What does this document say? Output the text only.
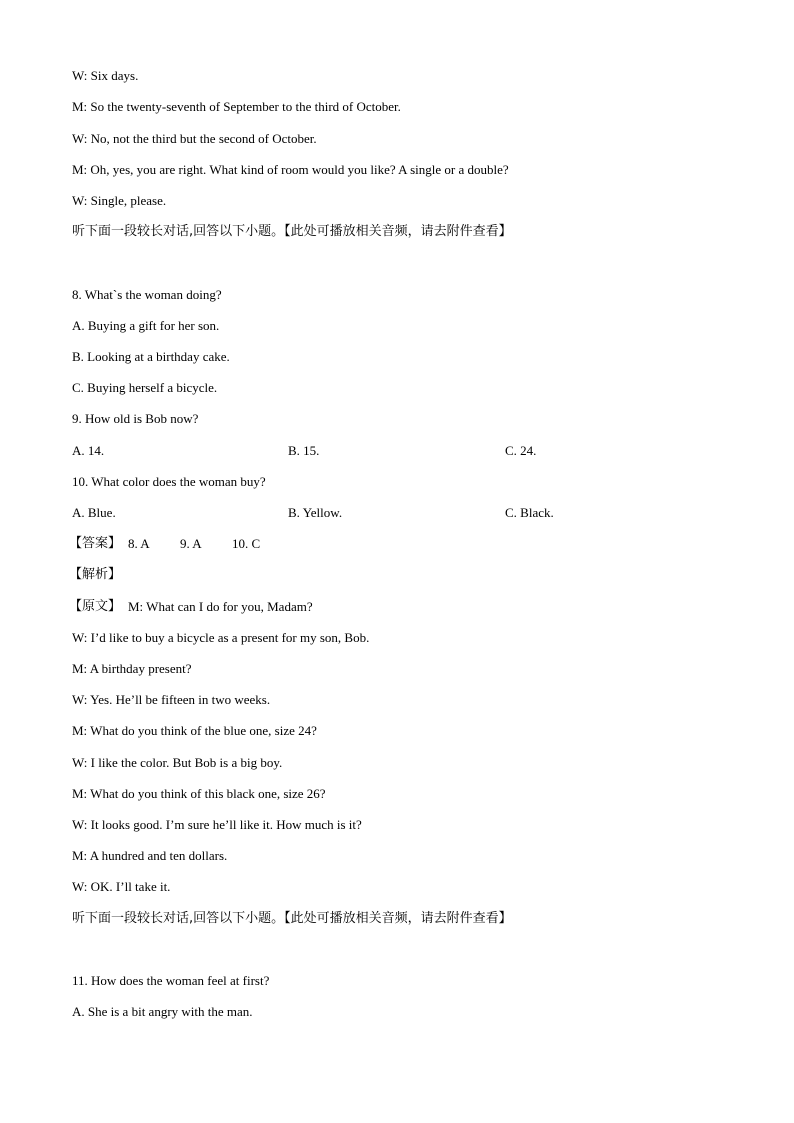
W: Six days.
M: So the twenty-seventh of September to the third of October.
W: No, not the third but the second of October.
M: Oh, yes, you are right. What kind of room would you like? A single or a double?
W: Single, please.
听下面一段较长对话,回答以下小题。【此处可播放相关音频，请去附件查看】
8. What`s the woman doing?
A. Buying a gift for her son.
B. Looking at a birthday cake.
C. Buying herself a bicycle.
9. How old is Bob now?
A. 14.	B. 15.	C. 24.
10. What color does the woman buy?
A. Blue.	B. Yellow.	C. Black.
【答案】 8. A 9. A 10. C
【解析】
【原文】 M: What can I do for you, Madam?
W: I’d like to buy a bicycle as a present for my son, Bob.
M: A birthday present?
W: Yes. He’ll be fifteen in two weeks.
M: What do you think of the blue one, size 24?
W: I like the color. But Bob is a big boy.
M: What do you think of this black one, size 26?
W: It looks good. I’m sure he’ll like it. How much is it?
M: A hundred and ten dollars.
W: OK. I’ll take it.
听下面一段较长对话,回答以下小题。【此处可播放相关音频，请去附件查看】
11. How does the woman feel at first?
A. She is a bit angry with the man.
